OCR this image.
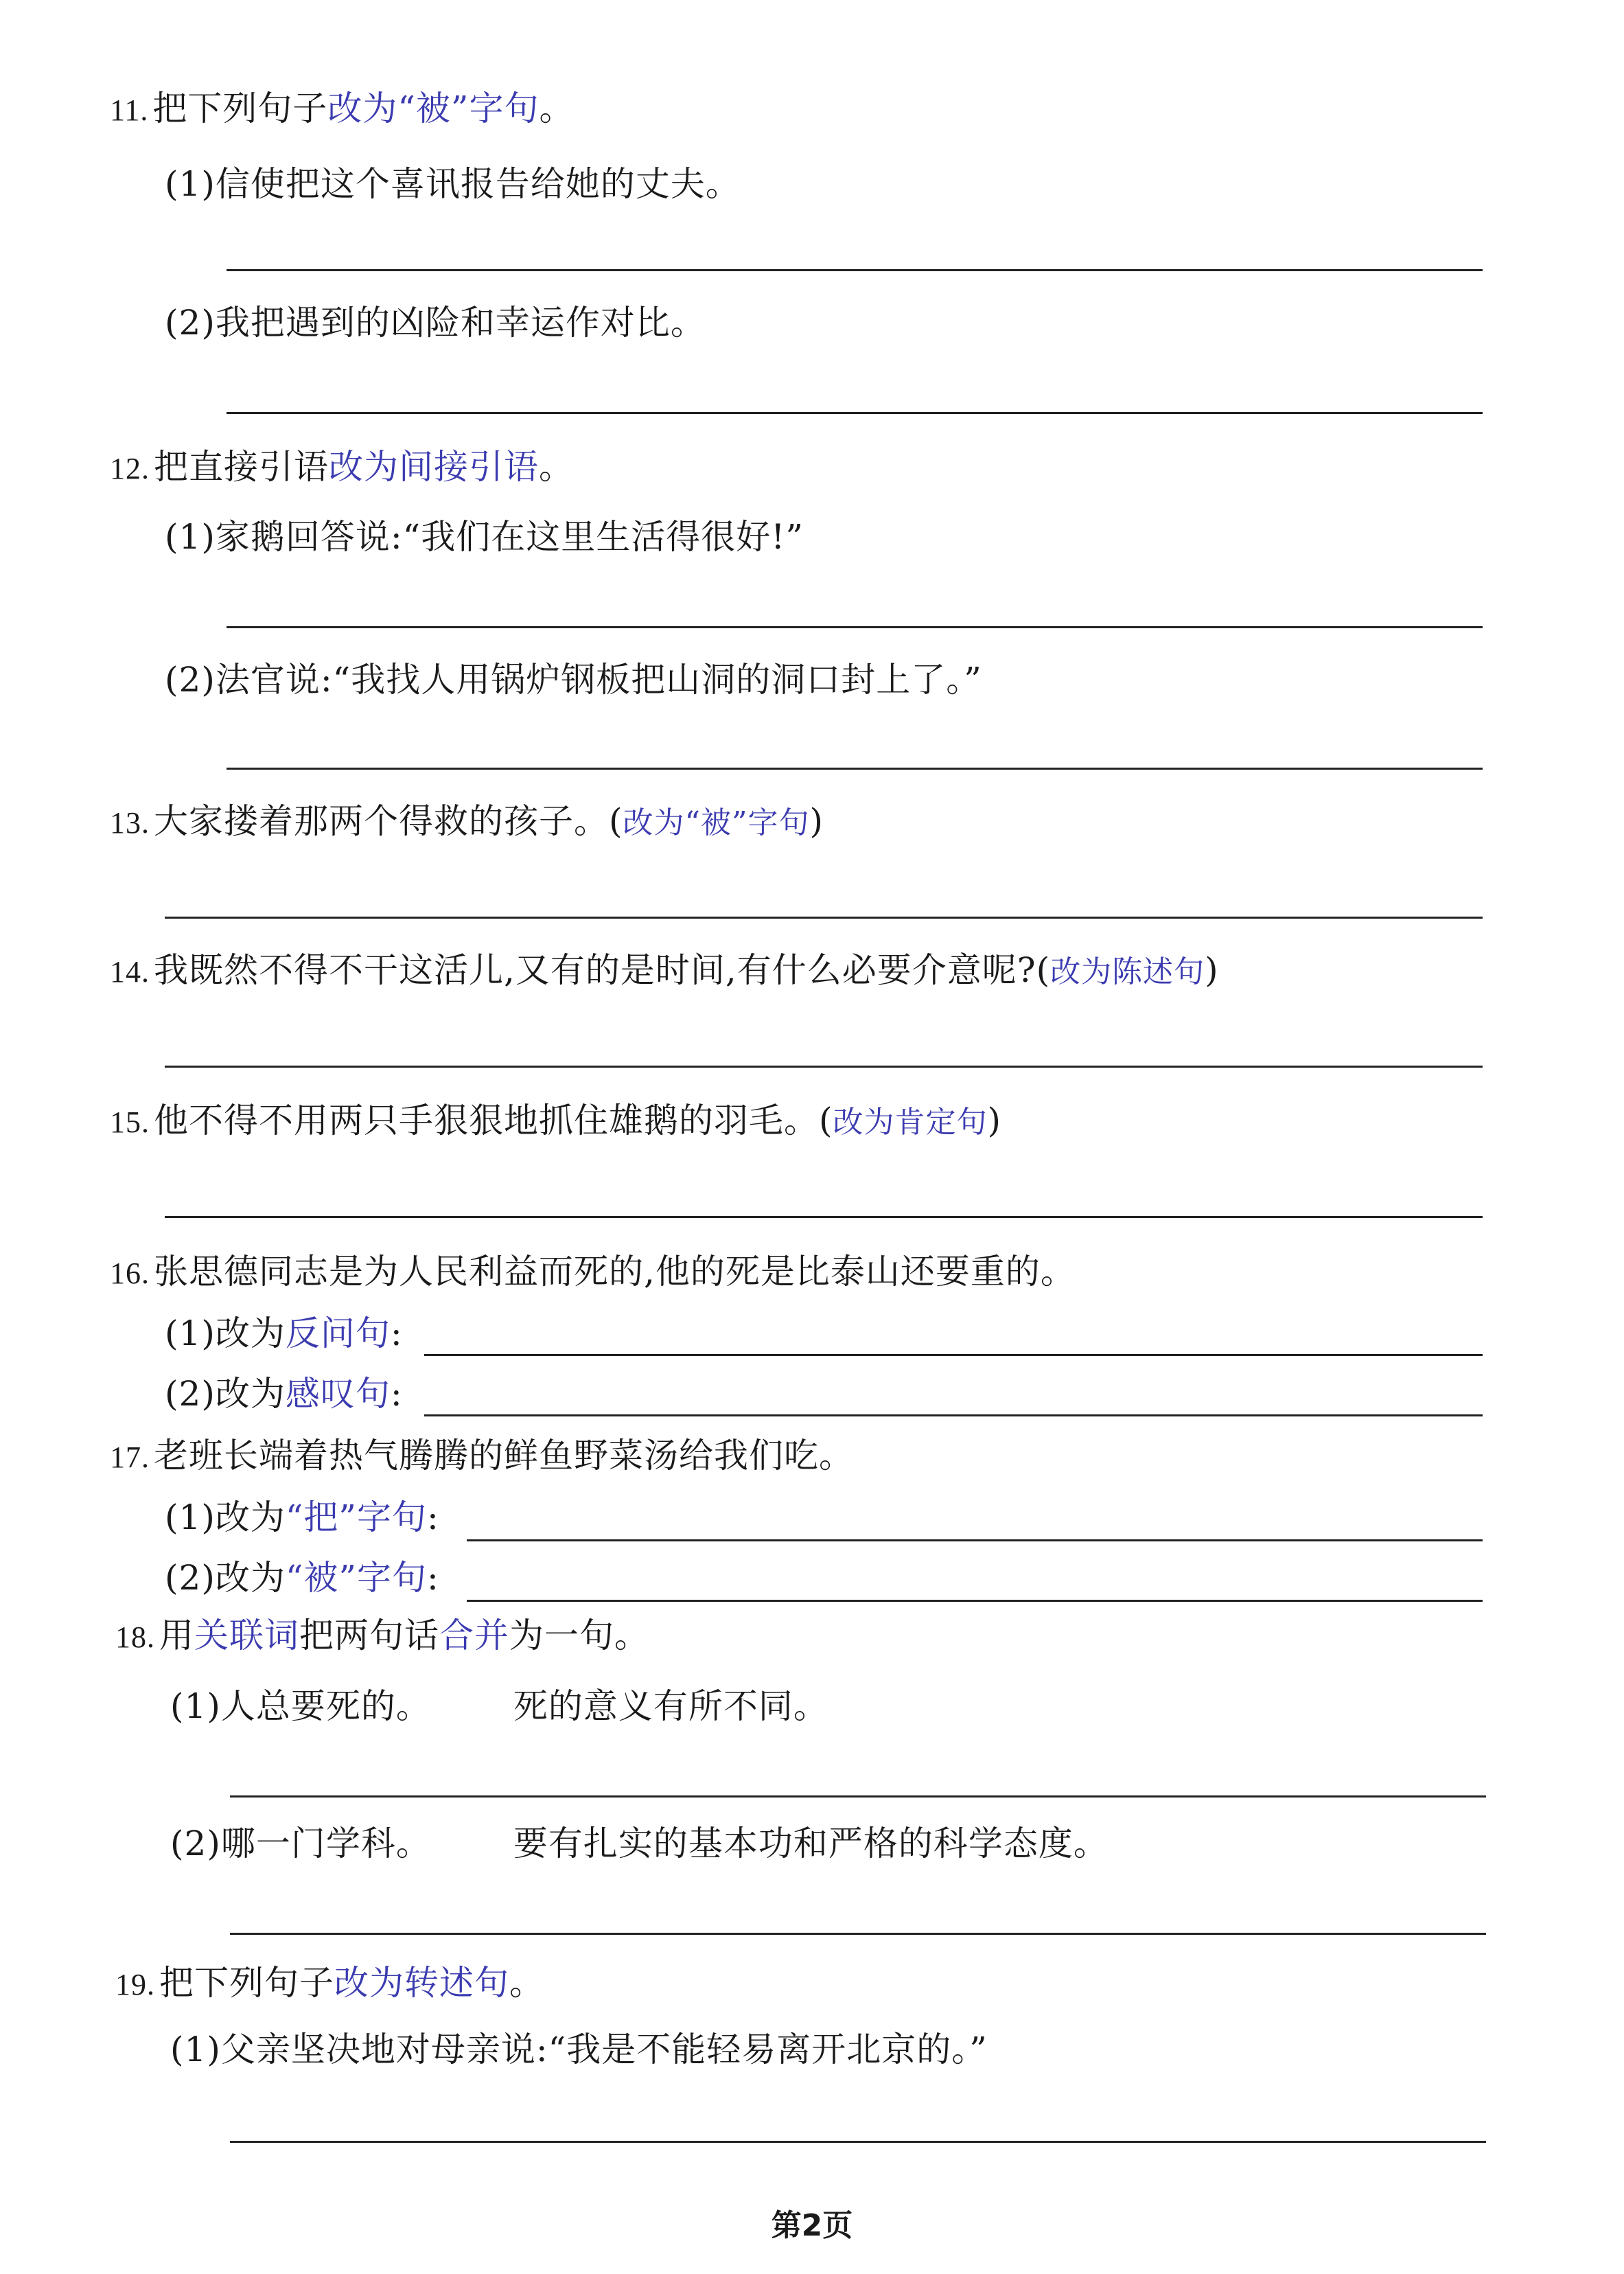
11. 把下列句子改为“被”字句。
(1)信使把这个喜讯报告给她的丈夫。
(2)我把遇到的凶险和幸运作对比。
12. 把直接引语改为间接引语。
(1)家鹅回答说:“我们在这里生活得很好!”
(2)法官说:“我找人用锅炉钢板把山洞的洞口封上了。”
13. 大家搂着那两个得救的孩子。(改为“被”字句)
14. 我既然不得不干这活儿,又有的是时间,有什么必要介意呢?(改为陈述句)
15. 他不得不用两只手狠狠地抓住雄鹅的羽毛。(改为肯定句)
16. 张思德同志是为人民利益而死的,他的死是比泰山还要重的。
(1)改为反问句:
(2)改为感叹句:
17. 老班长端着热气腾腾的鲜鱼野菜汤给我们吃。
(1)改为“把”字句:
(2)改为“被”字句:
18. 用关联词把两句话合并为一句。
(1)人总要死的。 死的意义有所不同。
(2)哪一门学科。 要有扎实的基本功和严格的科学态度。
19. 把下列句子改为转述句。
(1)父亲坚决地对母亲说:“我是不能轻易离开北京的。”
第2页
